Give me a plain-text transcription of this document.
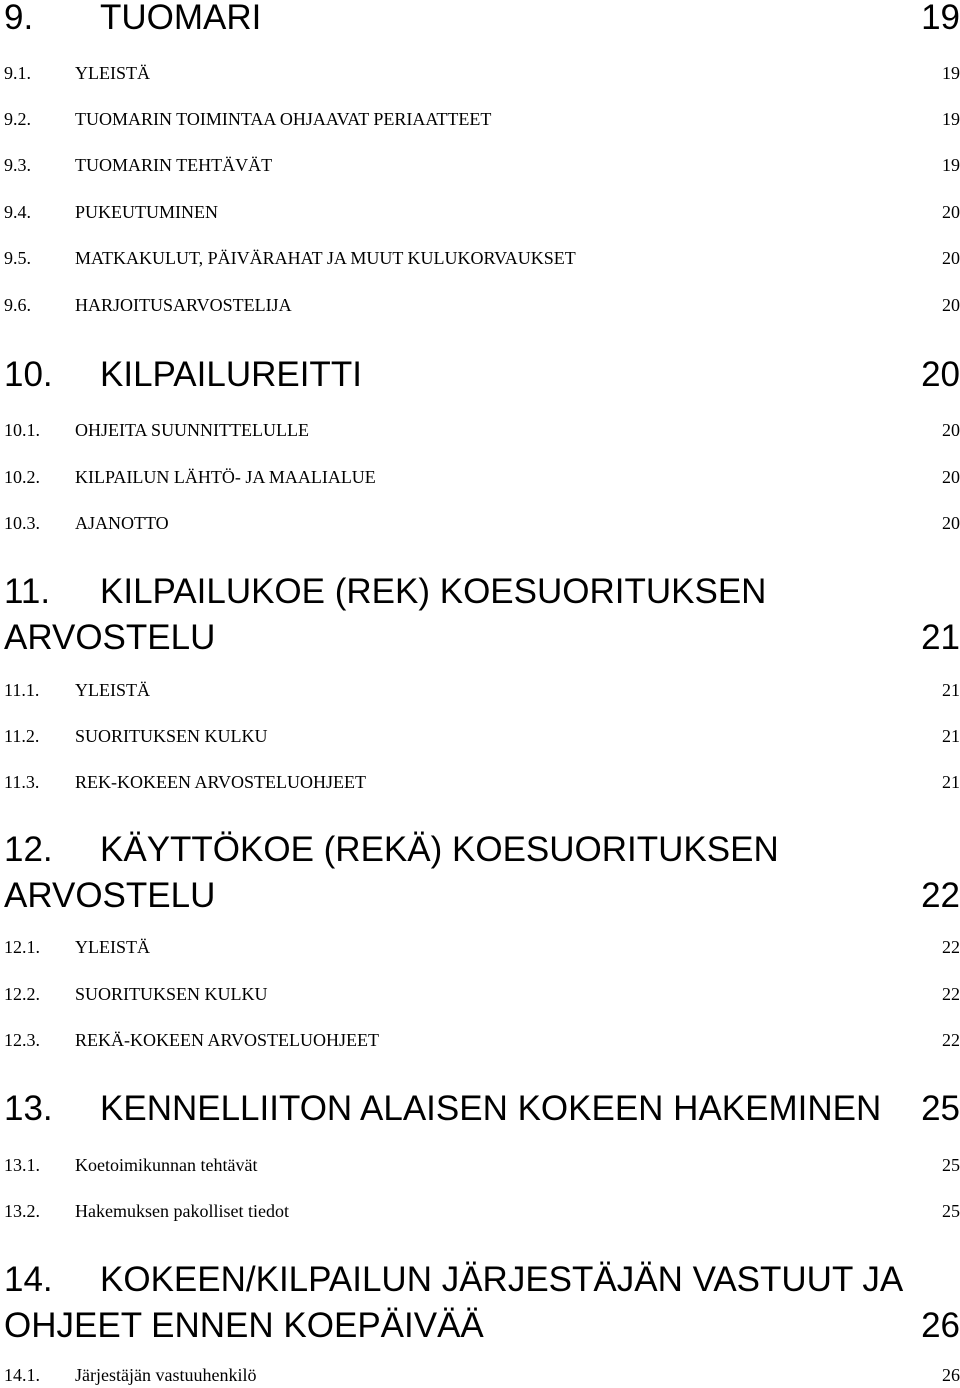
9. TUOMARI	19
9.1. YLEISTÄ	19
9.2. TUOMARIN TOIMINTAA OHJAAVAT PERIAATTEET	19
9.3. TUOMARIN TEHTÄVÄT	19
9.4. PUKEUTUMINEN	20
9.5. MATKAKULUT, PÄIVÄRAHAT JA MUUT KULUKORVAUKSET	20
9.6. HARJOITUSARVOSTELIJA	20
10. KILPAILUREITTI	20
10.1. OHJEITA SUUNNITTELULLE	20
10.2. KILPAILUN LÄHTÖ- JA MAALIALUE	20
10.3. AJANOTTO	20
11. KILPAILUKOE (REK) KOESUORITUKSEN
ARVOSTELU	21
11.1. YLEISTÄ	21
11.2. SUORITUKSEN KULKU	21
11.3. REK-KOKEEN ARVOSTELUOHJEET	21
12. KÄYTTÖKOE (REKÄ) KOESUORITUKSEN
ARVOSTELU	22
12.1. YLEISTÄ	22
12.2. SUORITUKSEN KULKU	22
12.3. REKÄ-KOKEEN ARVOSTELUOHJEET	22
13. KENNELLIITON ALAISEN KOKEEN HAKEMINEN 25
13.1. Koetoimikunnan tehtävät	25
13.2. Hakemuksen pakolliset tiedot	25
14. KOKEEN/KILPAILUN JÄRJESTÄJÄN VASTUUT JA
OHJEET ENNEN KOEPÄIVÄÄ	26
14.1. Järjestäjän vastuuhenkilö	26
